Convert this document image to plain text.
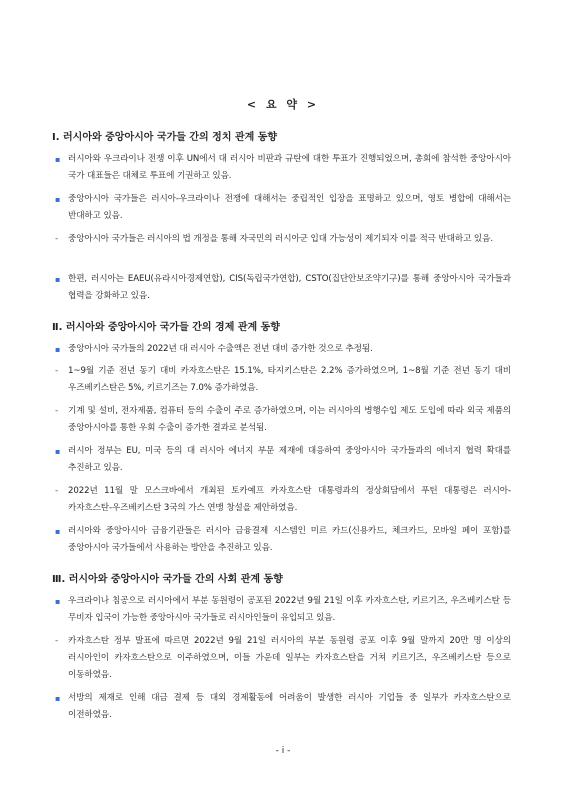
< 요 약 >
Ⅰ. 러시아와 중앙아시아 국가들 간의 정치 관계 동향
▪ 러시아와 우크라이나 전쟁 이후 UN에서 대 러시아 비판과 규탄에 대한 투표가 진행되었으며, 총회에 참석한 중앙아시아 국가 대표들은 대체로 투표에 기권하고 있음.
▪ 중앙아시아 국가들은 러시아-우크라이나 전쟁에 대해서는 중립적인 입장을 표명하고 있으며, 영토 병합에 대해서는 반대하고 있음.
- 중앙아시아 국가들은 러시아의 법 개정을 통해 자국민의 러시아군 입대 가능성이 제기되자 이를 적극 반대하고 있음.
▪ 한편, 러시아는 EAEU(유라시아경제연합), CIS(독립국가연합), CSTO(집단안보조약기구)를 통해 중앙아시아 국가들과 협력을 강화하고 있음.
Ⅱ. 러시아와 중앙아시아 국가들 간의 경제 관계 동향
▪ 중앙아시아 국가들의 2022년 대 러시아 수출액은 전년 대비 증가한 것으로 추정됨.
- 1~9월 기준 전년 동기 대비 카자흐스탄은 15.1%, 타지키스탄은 2.2% 증가하였으며, 1~8월 기준 전년 동기 대비 우즈베키스탄은 5%, 키르기즈는 7.0% 증가하였음.
- 기계 및 설비, 전자제품, 컴퓨터 등의 수출이 주로 증가하였으며, 이는 러시아의 병행수입 제도 도입에 따라 외국 제품의 중앙아시아를 통한 우회 수출이 증가한 결과로 분석됨.
▪ 러시아 정부는 EU, 미국 등의 대 러시아 에너지 부문 제재에 대응하여 중앙아시아 국가들과의 에너지 협력 확대를 추진하고 있음.
- 2022년 11월 말 모스크바에서 개최된 토카예프 카자흐스탄 대통령과의 정상회담에서 푸틴 대통령은 러시아-카자흐스탄-우즈베키스탄 3국의 가스 연맹 창설을 제안하였음.
▪ 러시아와 중앙아시아 금융기관들은 러시아 금융결제 시스템인 미르 카드(신용카드, 체크카드, 모바일 페이 포함)를 중앙아시아 국가들에서 사용하는 방안을 추진하고 있음.
Ⅲ. 러시아와 중앙아시아 국가들 간의 사회 관계 동향
▪ 우크라이나 침공으로 러시아에서 부분 동원령이 공포된 2022년 9월 21일 이후 카자흐스탄, 키르기즈, 우즈베키스탄 등 무비자 입국이 가능한 중앙아시아 국가들로 러시아인들이 유입되고 있음.
- 카자흐스탄 정부 발표에 따르면 2022년 9월 21일 러시아의 부분 동원령 공포 이후 9월 말까지 20만 명 이상의 러시아인이 카자흐스탄으로 이주하였으며, 이들 가운데 일부는 카자흐스탄을 거쳐 키르기즈, 우즈베키스탄 등으로 이동하였음.
▪ 서방의 제재로 인해 대금 결제 등 대외 경제활동에 어려움이 발생한 러시아 기업들 중 일부가 카자흐스탄으로 이전하였음.
- i -
